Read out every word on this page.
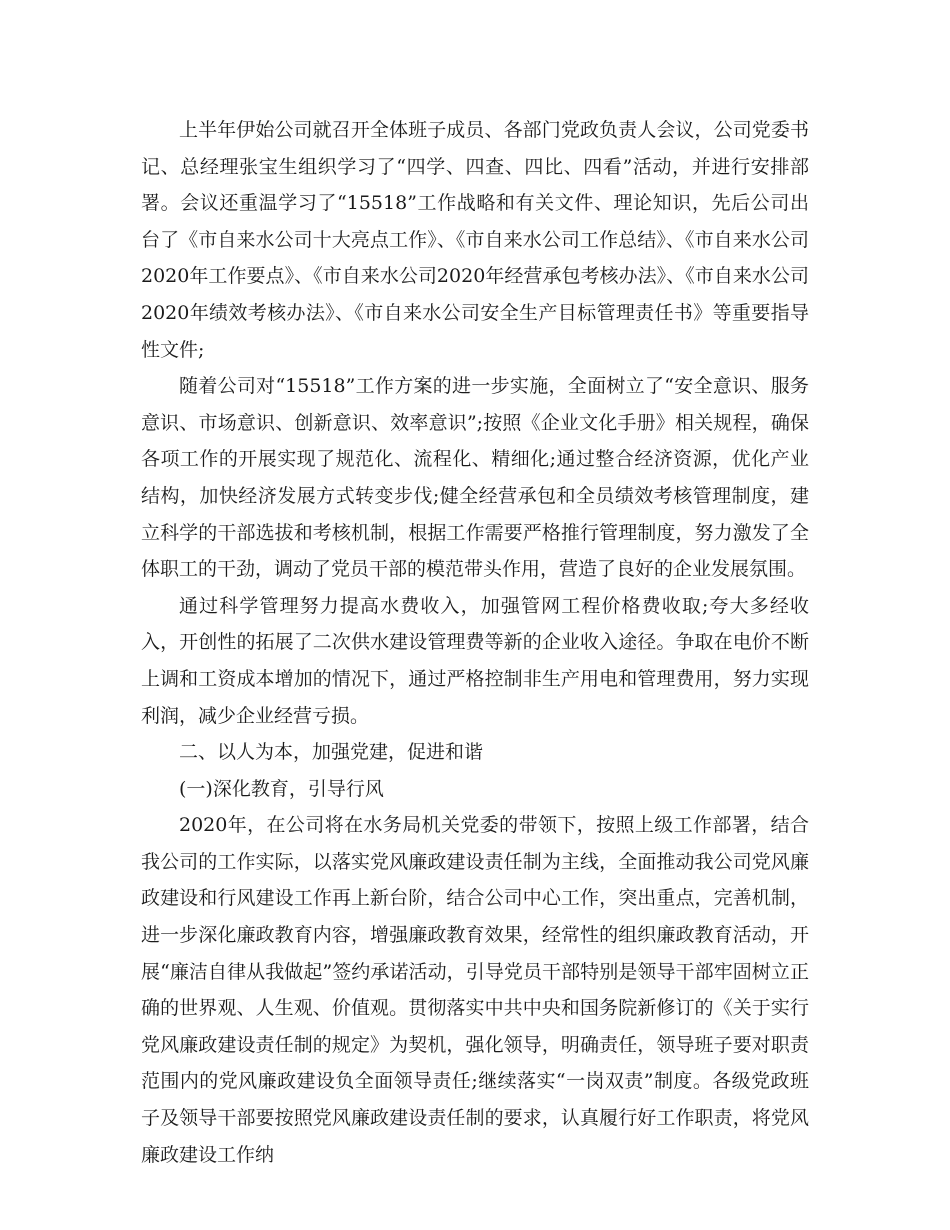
上半年伊始公司就召开全体班子成员、各部门党政负责人会议，公司党委书记、总经理张宝生组织学习了“四学、四查、四比、四看”活动，并进行安排部署。会议还重温学习了“15518”工作战略和有关文件、理论知识，先后公司出台了《市自来水公司十大亮点工作》、《市自来水公司工作总结》、《市自来水公司2020年工作要点》、《市自来水公司2020年经营承包考核办法》、《市自来水公司2020年绩效考核办法》、《市自来水公司安全生产目标管理责任书》等重要指导性文件;

随着公司对“15518”工作方案的进一步实施，全面树立了“安全意识、服务意识、市场意识、创新意识、效率意识”;按照《企业文化手册》相关规程，确保各项工作的开展实现了规范化、流程化、精细化;通过整合经济资源，优化产业结构，加快经济发展方式转变步伐;健全经营承包和全员绩效考核管理制度，建立科学的干部选拔和考核机制，根据工作需要严格推行管理制度，努力激发了全体职工的干劲，调动了党员干部的模范带头作用，营造了良好的企业发展氛围。

通过科学管理努力提高水费收入，加强管网工程价格费收取;夸大多经收入，开创性的拓展了二次供水建设管理费等新的企业收入途径。争取在电价不断上调和工资成本增加的情况下，通过严格控制非生产用电和管理费用，努力实现利润，减少企业经营亏损。

二、以人为本，加强党建，促进和谐

(一)深化教育，引导行风

2020年，在公司将在水务局机关党委的带领下，按照上级工作部署，结合我公司的工作实际，以落实党风廉政建设责任制为主线，全面推动我公司党风廉政建设和行风建设工作再上新台阶，结合公司中心工作，突出重点，完善机制，进一步深化廉政教育内容，增强廉政教育效果，经常性的组织廉政教育活动，开展“廉洁自律从我做起”签约承诺活动，引导党员干部特别是领导干部牢固树立正确的世界观、人生观、价值观。贯彻落实中共中央和国务院新修订的《关于实行党风廉政建设责任制的规定》为契机，强化领导，明确责任，领导班子要对职责范围内的党风廉政建设负全面领导责任;继续落实“一岗双责”制度。各级党政班子及领导干部要按照党风廉政建设责任制的要求，认真履行好工作职责，将党风廉政建设工作纳
